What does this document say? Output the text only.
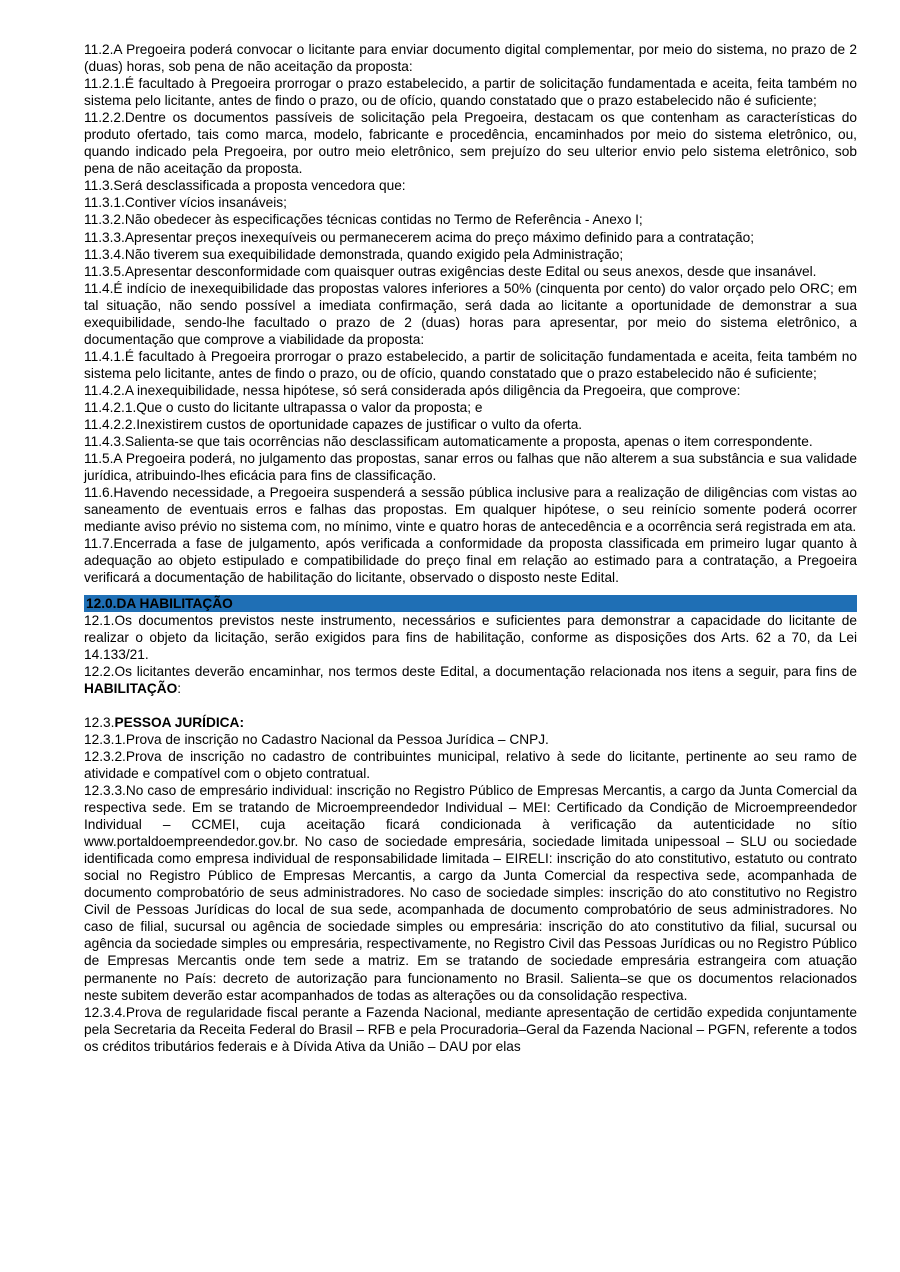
11.2.A Pregoeira poderá convocar o licitante para enviar documento digital complementar, por meio do sistema, no prazo de 2 (duas) horas, sob pena de não aceitação da proposta:

11.2.1.É facultado à Pregoeira prorrogar o prazo estabelecido, a partir de solicitação fundamentada e aceita, feita também no sistema pelo licitante, antes de findo o prazo, ou de ofício, quando constatado que o prazo estabelecido não é suficiente;

11.2.2.Dentre os documentos passíveis de solicitação pela Pregoeira, destacam os que contenham as características do produto ofertado, tais como marca, modelo, fabricante e procedência, encaminhados por meio do sistema eletrônico, ou, quando indicado pela Pregoeira, por outro meio eletrônico, sem prejuízo do seu ulterior envio pelo sistema eletrônico, sob pena de não aceitação da proposta.

11.3.Será desclassificada a proposta vencedora que:

11.3.1.Contiver vícios insanáveis;

11.3.2.Não obedecer às especificações técnicas contidas no Termo de Referência - Anexo I;

11.3.3.Apresentar preços inexequíveis ou permanecerem acima do preço máximo definido para a contratação;

11.3.4.Não tiverem sua exequibilidade demonstrada, quando exigido pela Administração;

11.3.5.Apresentar desconformidade com quaisquer outras exigências deste Edital ou seus anexos, desde que insanável.

11.4.É indício de inexequibilidade das propostas valores inferiores a 50% (cinquenta por cento) do valor orçado pelo ORC; em tal situação, não sendo possível a imediata confirmação, será dada ao licitante a oportunidade de demonstrar a sua exequibilidade, sendo-lhe facultado o prazo de 2 (duas) horas para apresentar, por meio do sistema eletrônico, a documentação que comprove a viabilidade da proposta:

11.4.1.É facultado à Pregoeira prorrogar o prazo estabelecido, a partir de solicitação fundamentada e aceita, feita também no sistema pelo licitante, antes de findo o prazo, ou de ofício, quando constatado que o prazo estabelecido não é suficiente;

11.4.2.A inexequibilidade, nessa hipótese, só será considerada após diligência da Pregoeira, que comprove:

11.4.2.1.Que o custo do licitante ultrapassa o valor da proposta; e

11.4.2.2.Inexistirem custos de oportunidade capazes de justificar o vulto da oferta.

11.4.3.Salienta-se que tais ocorrências não desclassificam automaticamente a proposta, apenas o item correspondente.

11.5.A Pregoeira poderá, no julgamento das propostas, sanar erros ou falhas que não alterem a sua substância e sua validade jurídica, atribuindo-lhes eficácia para fins de classificação.

11.6.Havendo necessidade, a Pregoeira suspenderá a sessão pública inclusive para a realização de diligências com vistas ao saneamento de eventuais erros e falhas das propostas. Em qualquer hipótese, o seu reinício somente poderá ocorrer mediante aviso prévio no sistema com, no mínimo, vinte e quatro horas de antecedência e a ocorrência será registrada em ata.

11.7.Encerrada a fase de julgamento, após verificada a conformidade da proposta classificada em primeiro lugar quanto à adequação ao objeto estipulado e compatibilidade do preço final em relação ao estimado para a contratação, a Pregoeira verificará a documentação de habilitação do licitante, observado o disposto neste Edital.

12.0.DA HABILITAÇÃO

12.1.Os documentos previstos neste instrumento, necessários e suficientes para demonstrar a capacidade do licitante de realizar o objeto da licitação, serão exigidos para fins de habilitação, conforme as disposições dos Arts. 62 a 70, da Lei 14.133/21.

12.2.Os licitantes deverão encaminhar, nos termos deste Edital, a documentação relacionada nos itens a seguir, para fins de HABILITAÇÃO:

12.3.PESSOA JURÍDICA:

12.3.1.Prova de inscrição no Cadastro Nacional da Pessoa Jurídica – CNPJ.

12.3.2.Prova de inscrição no cadastro de contribuintes municipal, relativo à sede do licitante, pertinente ao seu ramo de atividade e compatível com o objeto contratual.

12.3.3.No caso de empresário individual: inscrição no Registro Público de Empresas Mercantis, a cargo da Junta Comercial da respectiva sede. Em se tratando de Microempreendedor Individual – MEI: Certificado da Condição de Microempreendedor Individual – CCMEI, cuja aceitação ficará condicionada à verificação da autenticidade no sítio www.portaldoempreendedor.gov.br. No caso de sociedade empresária, sociedade limitada unipessoal – SLU ou sociedade identificada como empresa individual de responsabilidade limitada – EIRELI: inscrição do ato constitutivo, estatuto ou contrato social no Registro Público de Empresas Mercantis, a cargo da Junta Comercial da respectiva sede, acompanhada de documento comprobatório de seus administradores. No caso de sociedade simples: inscrição do ato constitutivo no Registro Civil de Pessoas Jurídicas do local de sua sede, acompanhada de documento comprobatório de seus administradores. No caso de filial, sucursal ou agência de sociedade simples ou empresária: inscrição do ato constitutivo da filial, sucursal ou agência da sociedade simples ou empresária, respectivamente, no Registro Civil das Pessoas Jurídicas ou no Registro Público de Empresas Mercantis onde tem sede a matriz. Em se tratando de sociedade empresária estrangeira com atuação permanente no País: decreto de autorização para funcionamento no Brasil. Salienta–se que os documentos relacionados neste subitem deverão estar acompanhados de todas as alterações ou da consolidação respectiva.

12.3.4.Prova de regularidade fiscal perante a Fazenda Nacional, mediante apresentação de certidão expedida conjuntamente pela Secretaria da Receita Federal do Brasil – RFB e pela Procuradoria–Geral da Fazenda Nacional – PGFN, referente a todos os créditos tributários federais e à Dívida Ativa da União – DAU por elas
